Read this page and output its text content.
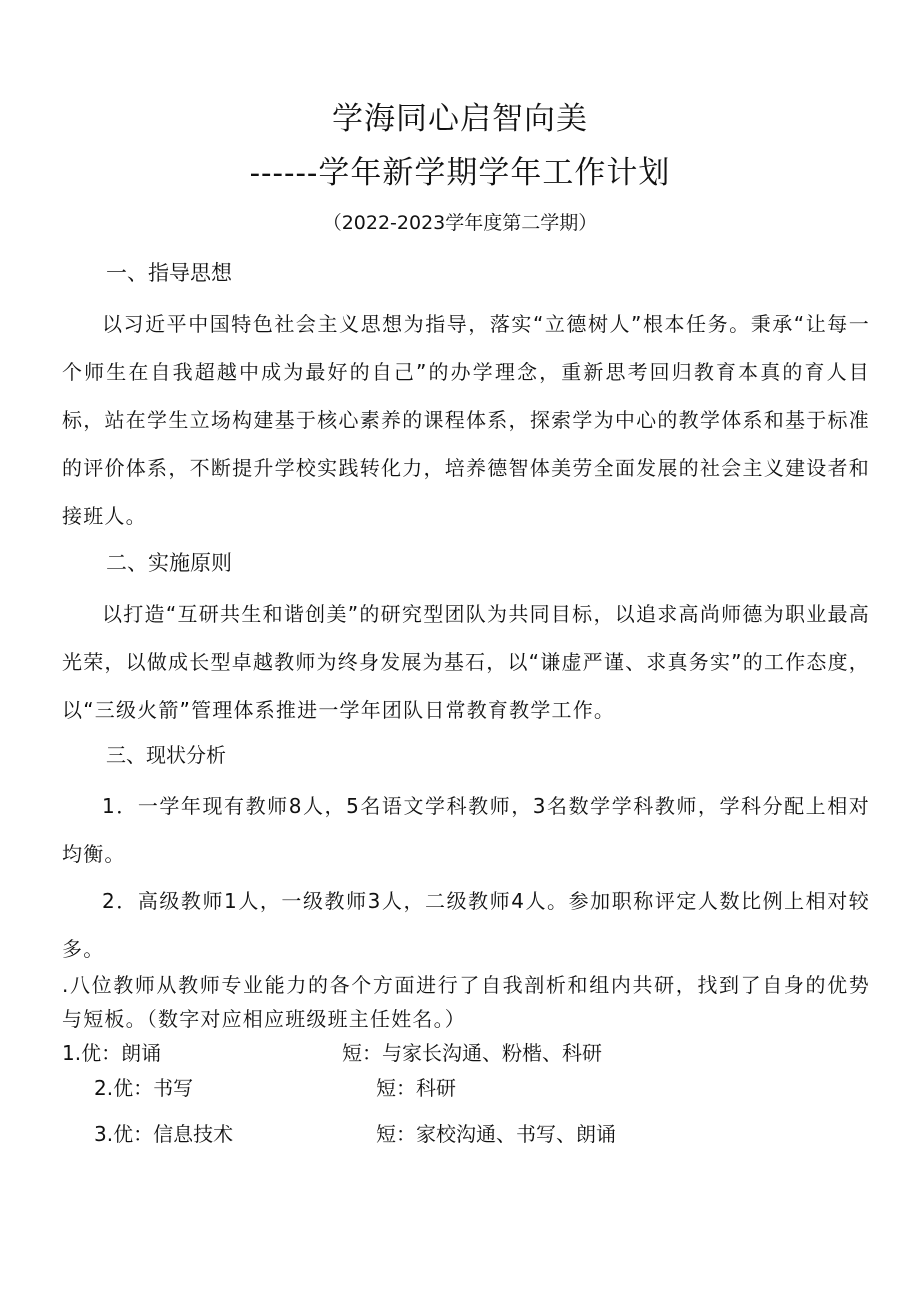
学海同心启智向美
------学年新学期学年工作计划
（2022-2023学年度第二学期）
一、指导思想

以习近平中国特色社会主义思想为指导，落实“立德树人”根本任务。秉承“让每一个师生在自我超越中成为最好的自己”的办学理念，重新思考回归教育本真的育人目标，站在学生立场构建基于核心素养的课程体系，探索学为中心的教学体系和基于标准的评价体系，不断提升学校实践转化力，培养德智体美劳全面发展的社会主义建设者和接班人。

二、实施原则

以打造“互研共生和谐创美”的研究型团队为共同目标，以追求高尚师德为职业最高光荣，以做成长型卓越教师为终身发展为基石，以“谦虚严谨、求真务实”的工作态度，以“三级火箭”管理体系推进一学年团队日常教育教学工作。

三、现状分析

1．一学年现有教师8人，5名语文学科教师，3名数学学科教师，学科分配上相对均衡。

2．高级教师1人，一级教师3人，二级教师4人。参加职称评定人数比例上相对较多。

.八位教师从教师专业能力的各个方面进行了自我剖析和组内共研，找到了自身的优势与短板。（数字对应相应班级班主任姓名。）

1.优：朗诵	短：与家长沟通、粉楷、科研
2.优：书写	短：科研
3.优：信息技术	短：家校沟通、书写、朗诵
